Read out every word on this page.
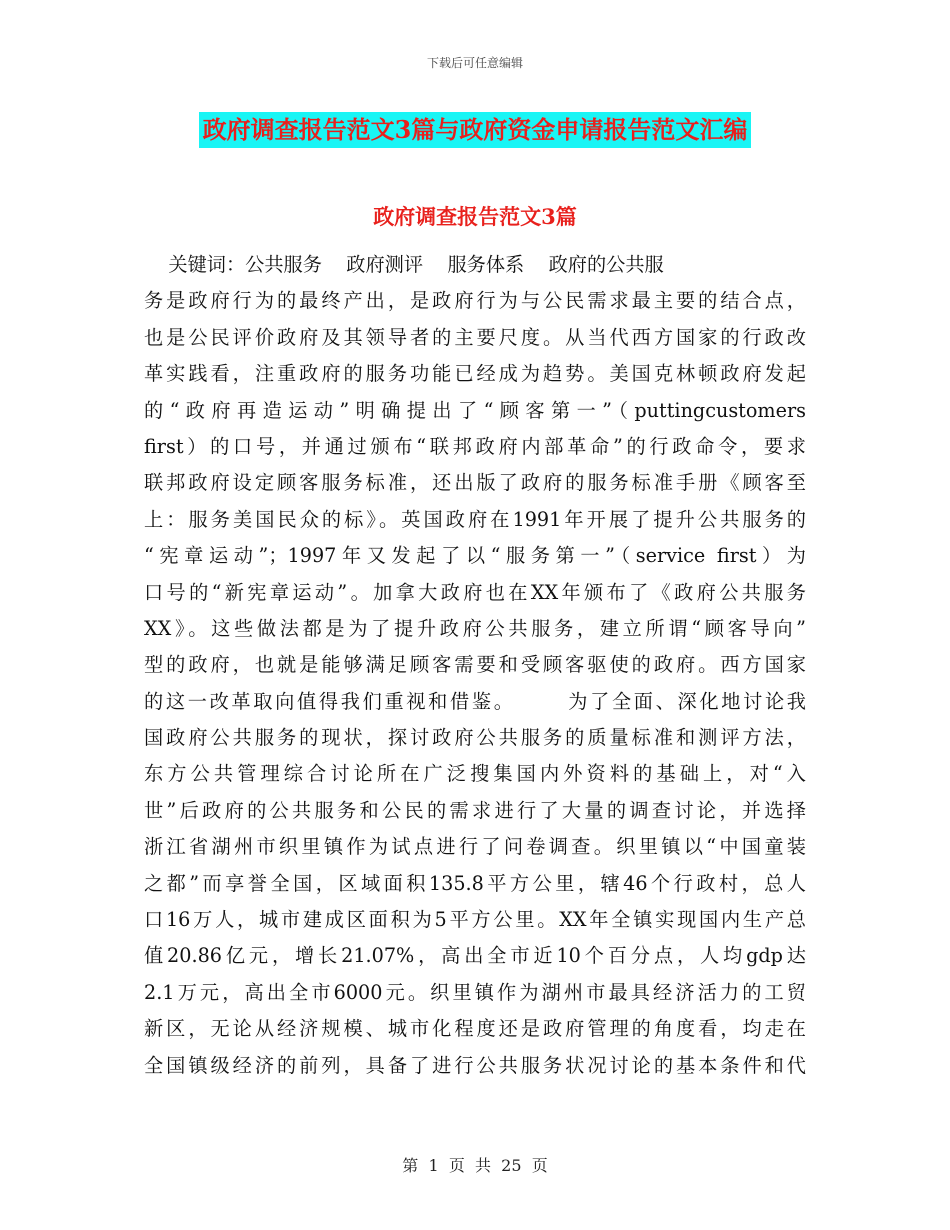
下载后可任意编辑
政府调查报告范文3篇与政府资金申请报告范文汇编
政府调查报告范文3篇
关键词：公共服务    政府测评    服务体系    政府的公共服
务是政府行为的最终产出，是政府行为与公民需求最主要的结合点，
也是公民评价政府及其领导者的主要尺度。从当代西方国家的行政改
革实践看，注重政府的服务功能已经成为趋势。美国克林顿政府发起
的“政府再造运动”明确提出了“顾客第一”（puttingcustomers
first）的口号，并通过颁布“联邦政府内部革命”的行政命令，要求
联邦政府设定顾客服务标准，还出版了政府的服务标准手册《顾客至
上：服务美国民众的标》。英国政府在1991年开展了提升公共服务的
“宪章运动”；1997年又发起了以“服务第一”（service first）为
口号的“新宪章运动”。加拿大政府也在XX年颁布了《政府公共服务
XX》。这些做法都是为了提升政府公共服务，建立所谓“顾客导向”
型的政府，也就是能够满足顾客需要和受顾客驱使的政府。西方国家
的这一改革取向值得我们重视和借鉴。      为了全面、深化地讨论我
国政府公共服务的现状，探讨政府公共服务的质量标准和测评方法，
东方公共管理综合讨论所在广泛搜集国内外资料的基础上，对“入
世”后政府的公共服务和公民的需求进行了大量的调查讨论，并选择
浙江省湖州市织里镇作为试点进行了问卷调查。织里镇以“中国童装
之都”而享誉全国，区域面积135.8平方公里，辖46个行政村，总人
口16万人，城市建成区面积为5平方公里。XX年全镇实现国内生产总
值20.86亿元，增长21.07%，高出全市近10个百分点，人均gdp达
2.1万元，高出全市6000元。织里镇作为湖州市最具经济活力的工贸
新区，无论从经济规模、城市化程度还是政府管理的角度看，均走在
全国镇级经济的前列，具备了进行公共服务状况讨论的基本条件和代
第  1  页  共  25  页
